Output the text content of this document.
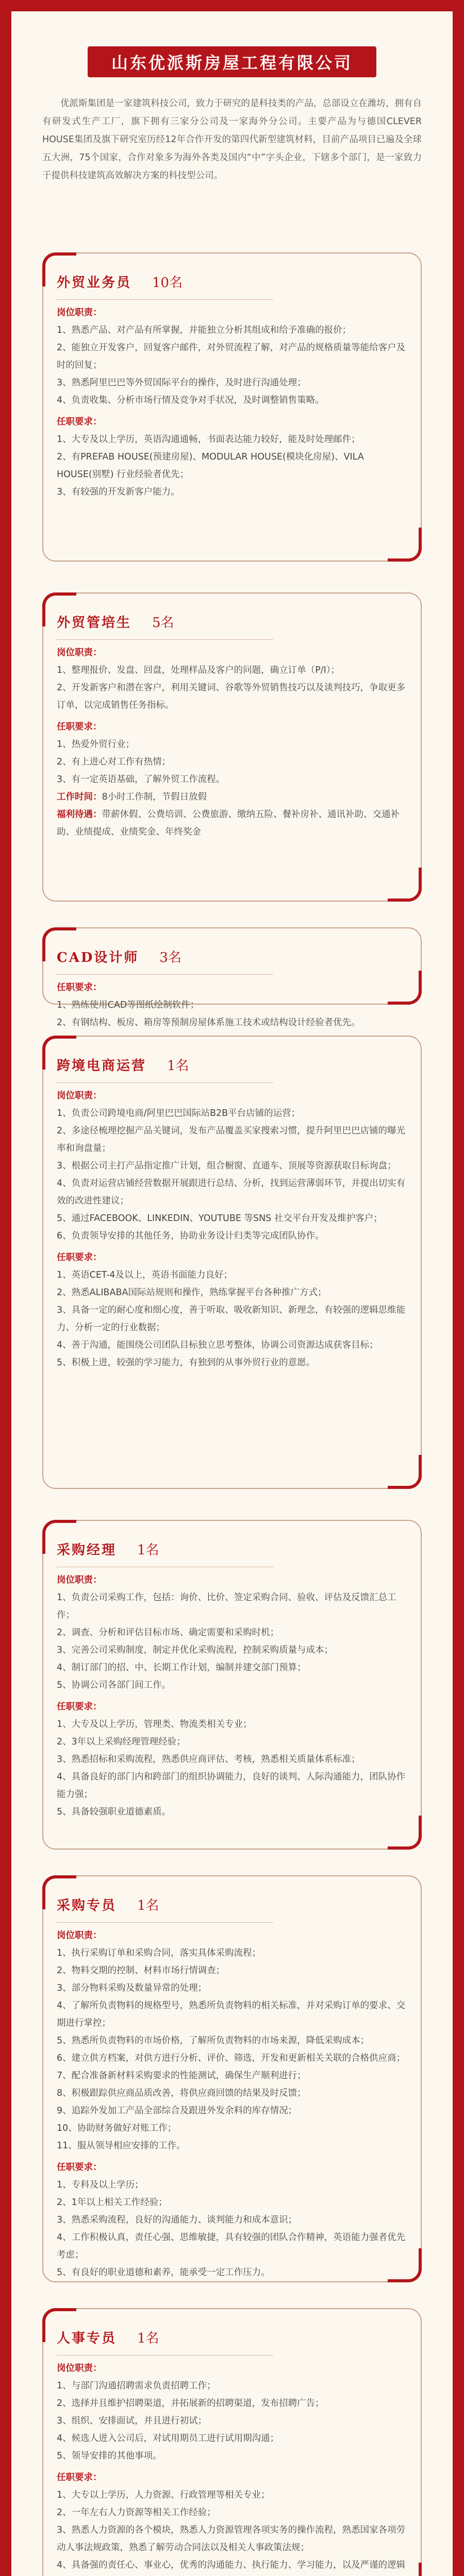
山东优派斯房屋工程有限公司

优派斯集团是一家建筑科技公司，致力于研究的是科技类的产品，总部设立在潍坊，拥有自有研发式生产工厂，旗下拥有三家分公司及一家海外分公司。主要产品为与德国CLEVER HOUSE集团及旗下研究室历经12年合作开发的第四代新型建筑材料，目前产品项目已遍及全球五大洲，75个国家，合作对象多为海外各类及国内“中”字头企业，下辖多个部门，是一家致力于提供科技建筑高效解决方案的科技型公司。

外贸业务员 10名
岗位职责：
1、熟悉产品、对产品有所掌握，并能独立分析其组成和给予准确的报价；
2、能独立开发客户，回复客户邮件，对外贸流程了解，对产品的规格质量等能给客户及时的回复；
3、熟悉阿里巴巴等外贸国际平台的操作，及时进行沟通处理；
4、负责收集、分析市场行情及竞争对手状况，及时调整销售策略。
任职要求：
1、大专及以上学历，英语沟通通畅，书面表达能力较好，能及时处理邮件；
2、有PREFAB HOUSE(预建房屋)、MODULAR HOUSE(模块化房屋)、VILA HOUSE(别墅) 行业经验者优先；
3、有较强的开发新客户能力。
外贸管培生 5名
岗位职责：
1、整理报价、发盘、回盘，处理样品及客户的问题，确立订单（P/I）；
2、开发新客户和潜在客户，利用关键词、谷歌等外贸销售技巧以及谈判技巧，争取更多订单，以完成销售任务指标。
任职要求：
1、热爱外贸行业；
2、有上进心对工作有热情；
3、有一定英语基础，了解外贸工作流程。
工作时间：8小时工作制，节假日放假
福利待遇：带薪休假、公费培训、公费旅游、缴纳五险、餐补房补、通讯补助、交通补助、业绩提成、业绩奖金、年终奖金
CAD设计师 3名
任职要求：
1、熟练使用CAD等图纸绘制软件；
2、有钢结构、板房、箱房等预制房屋体系施工技术或结构设计经验者优先。
跨境电商运营 1名
岗位职责：
1、负责公司跨境电商/阿里巴巴国际站B2B平台店铺的运营；
2、多途径梳理挖掘产品关键词，发布产品覆盖买家搜索习惯，提升阿里巴巴店铺的曝光率和询盘量；
3、根据公司主打产品指定推广计划，组合橱窗、直通车、顶展等资源获取目标询盘；
4、负责对运营店铺经营数据开展跟进行总结、分析，找到运营薄弱环节，并提出切实有效的改进性建议；
5、通过FACEBOOK、LINKEDIN、YOUTUBE 等SNS 社交平台开发及维护客户；
6、负责领导安排的其他任务，协助业务设计归类等完成团队协作。
任职要求：
1、英语CET-4及以上，英语书面能力良好；
2、熟悉ALIBABA国际站规则和操作，熟练掌握平台各种推广方式；
3、具备一定的耐心度和细心度，善于听取、吸收新知识、新理念，有较强的逻辑思维能力、分析一定的行业数据；
4、善于沟通，能围绕公司团队目标独立思考整体，协调公司资源达成获客目标；
5、积极上进，较强的学习能力，有独到的从事外贸行业的意愿。
采购经理 1名
岗位职责：
1、负责公司采购工作，包括：询价、比价、签定采购合同、验收、评估及反馈汇总工作；
2、调查、分析和评估目标市场、确定需要和采购时机；
3、完善公司采购制度，制定并优化采购流程，控制采购质量与成本；
4、制订部门的招、中、长期工作计划，编制并建交部门预算；
5、协调公司各部门间工作。
任职要求：
1、大专及以上学历，管理类、物流类相关专业；
2、3年以上采购经理管理经验；
3、熟悉招标和采购流程，熟悉供应商评估、考核，熟悉相关质量体系标准；
4、具备良好的部门内和跨部门的组织协调能力，良好的谈判、人际沟通能力，团队协作能力强；
5、具备较强职业道德素质。
采购专员 1名
岗位职责：
1、执行采购订单和采购合同，落实具体采购流程；
2、物料交期的控制、材料市场行情调查；
3、部分物料采购及数量异常的处理；
4、了解所负责物料的规格型号，熟悉所负责物料的相关标准，并对采购订单的要求、交期进行掌控；
5、熟悉所负责物料的市场价格，了解所负责物料的市场来源，降低采购成本；
6、建立供方档案，对供方进行分析、评价、筛选，开发和更新相关关联的合格供应商；
7、配合准备新材料采购要求的性能测试，确保生产顺利进行；
8、积极跟踪供应商品质改善，将供应商回馈的结果及时反馈；
9、追踪外发加工产品全部综合及跟进外发余料的库存情况；
10、协助财务做好对账工作；
11、服从领导相应安排的工作。
任职要求：
1、专科及以上学历；
2、1年以上相关工作经验；
3、熟悉采购流程，良好的沟通能力、谈判能力和成本意识；
4、工作积极认真，责任心强、思维敏捷，具有较强的团队合作精神，英语能力强者优先考虑；
5、有良好的职业道德和素养，能承受一定工作压力。
人事专员 1名
岗位职责：
1、与部门沟通招聘需求负责招聘工作；
2、选择并且维护招聘渠道，并拓展新的招聘渠道，发布招聘广告；
3、组织、安排面试，并且进行初试；
4、候选人进入公司后，对试用期员工进行试用期沟通；
5、领导安排的其他事项。
任职要求：
1、大专以上学历，人力资源、行政管理等相关专业；
2、一年左右人力资源等相关工作经验；
3、熟悉人力资源的各个模块，熟悉人力资源管理各项实务的操作流程，熟悉国家各项劳动人事法规政策，熟悉了解劳动合同法以及相关人事政策法规；
4、具备强的责任心、事业心，优秀的沟通能力、执行能力、学习能力，以及严谨的逻辑
